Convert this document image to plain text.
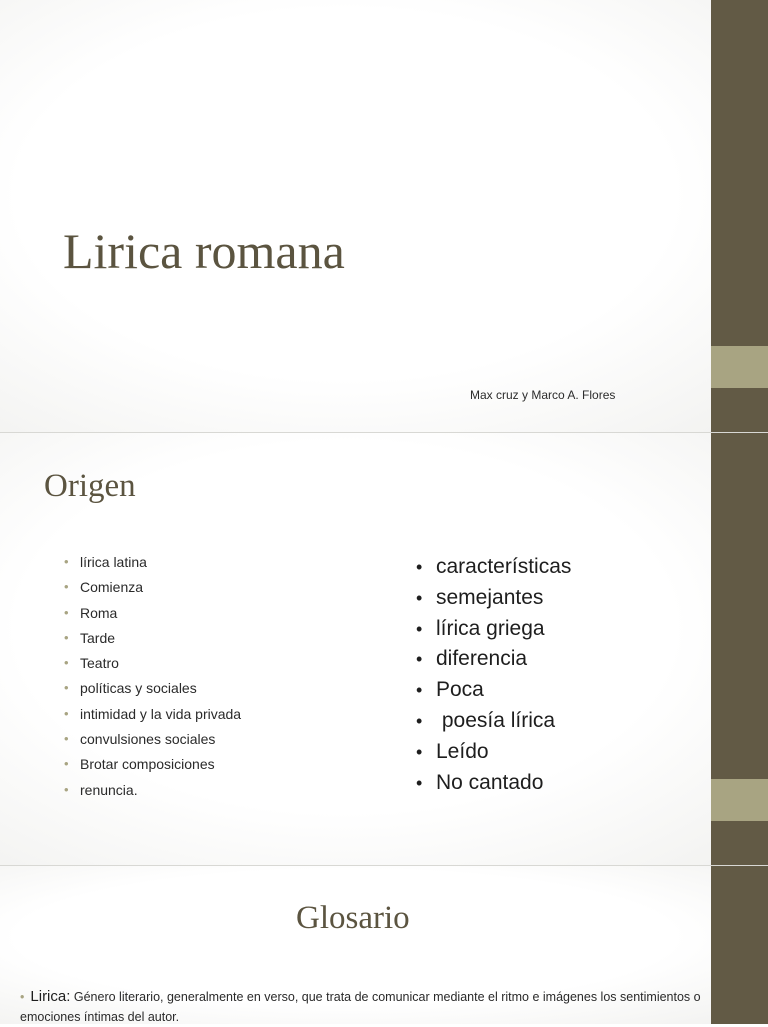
Lirica romana

Max cruz y Marco A. Flores

Origen
• lírica latina
• Comienza
• Roma
• Tarde
• Teatro
• políticas y sociales
• intimidad y la vida privada
• convulsiones sociales
• Brotar composiciones
• renuncia.
• características
• semejantes
• lírica griega
• diferencia
• Poca
•  poesía lírica
• Leído
• No cantado
Glosario
• Lirica: Género literario, generalmente en verso, que trata de comunicar mediante el ritmo e imágenes los sentimientos o emociones íntimas del autor.
